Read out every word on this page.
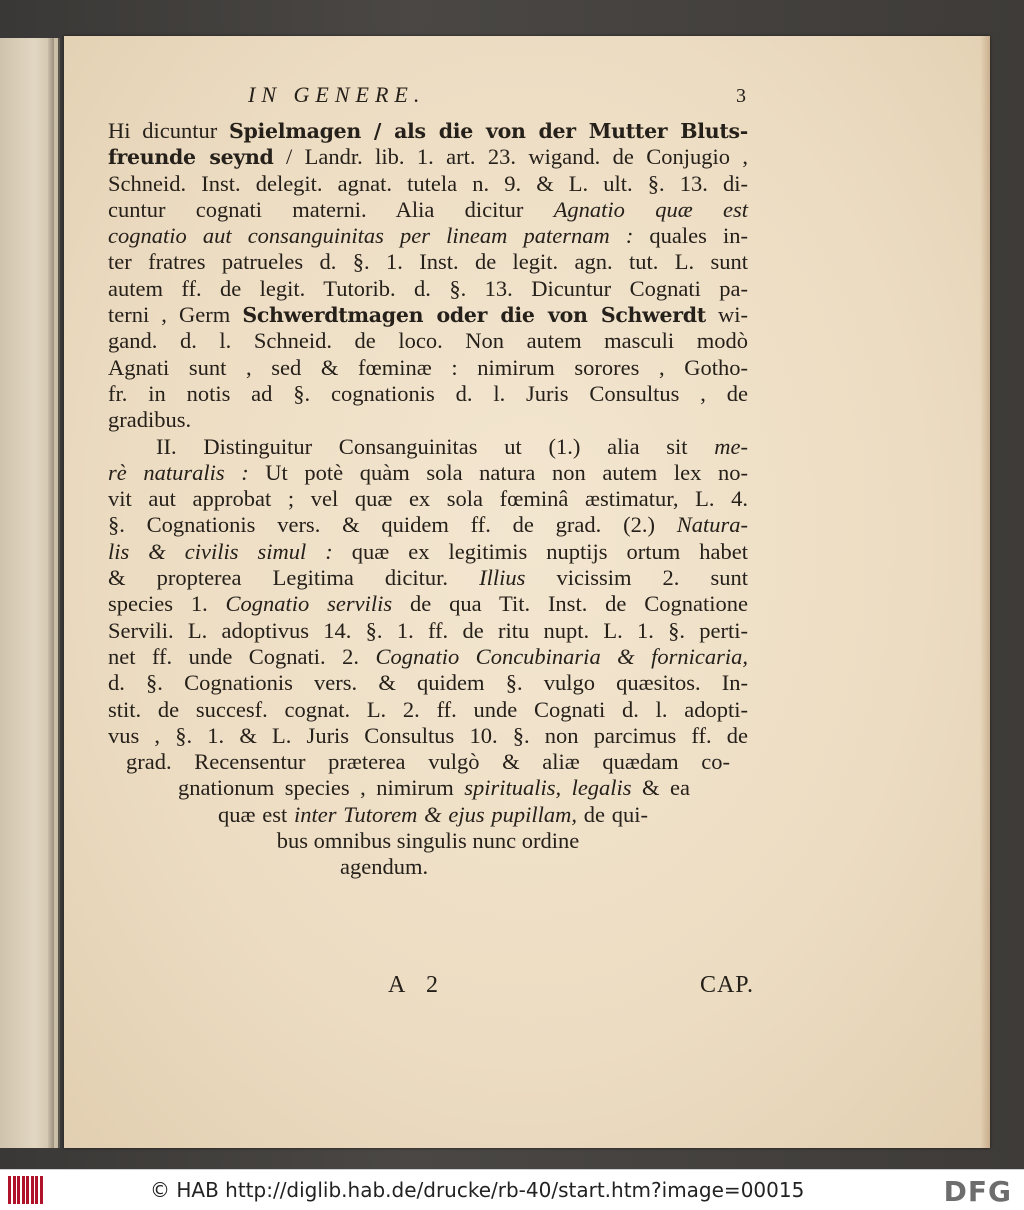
IN GENERE.	3
Hi dicuntur Spielmagen / als die von der Mutter Bluts-
freunde seynd / Landr. lib. 1. art. 23. wigand. de Conjugio ,
Schneid. Inst. delegit. agnat. tutela n. 9. & L. ult. §. 13. di-
cuntur cognati materni. Alia dicitur Agnatio quæ est
cognatio aut consanguinitas per lineam paternam : quales in-
ter fratres patrueles d. §. 1. Inst. de legit. agn. tut. L. sunt
autem ff. de legit. Tutorib. d. §. 13. Dicuntur Cognati pa-
terni , Germ Schwerdtmagen oder die von Schwerdt wi-
gand. d. l. Schneid. de loco. Non autem masculi modò
Agnati sunt , sed & fœminæ : nimirum sorores , Gotho-
fr. in notis ad §. cognationis d. l. Juris Consultus , de
gradibus.
II. Distinguitur Consanguinitas ut (1.) alia sit me-
rè naturalis : Ut potè quàm sola natura non autem lex no-
vit aut approbat ; vel quæ ex sola fœminâ æstimatur, L. 4.
§. Cognationis vers. & quidem ff. de grad. (2.) Natura-
lis & civilis simul : quæ ex legitimis nuptijs ortum habet
& propterea Legitima dicitur. Illius vicissim 2. sunt
species 1. Cognatio servilis de qua Tit. Inst. de Cognatione
Servili. L. adoptivus 14. §. 1. ff. de ritu nupt. L. 1. §. perti-
net ff. unde Cognati. 2. Cognatio Concubinaria & fornicaria,
d. §. Cognationis vers. & quidem §. vulgo quæsitos. In-
stit. de succesf. cognat. L. 2. ff. unde Cognati d. l. adopti-
vus , §. 1. & L. Juris Consultus 10. §. non parcimus ff. de
grad. Recensentur præterea vulgò & aliæ quædam co-
gnationum species , nimirum spiritualis, legalis & ea
quæ est inter Tutorem & ejus pupillam, de qui-
bus omnibus singulis nunc ordine
agendum.
A 2	CAP.
© HAB http://diglib.hab.de/drucke/rb-40/start.htm?image=00015	DFG
